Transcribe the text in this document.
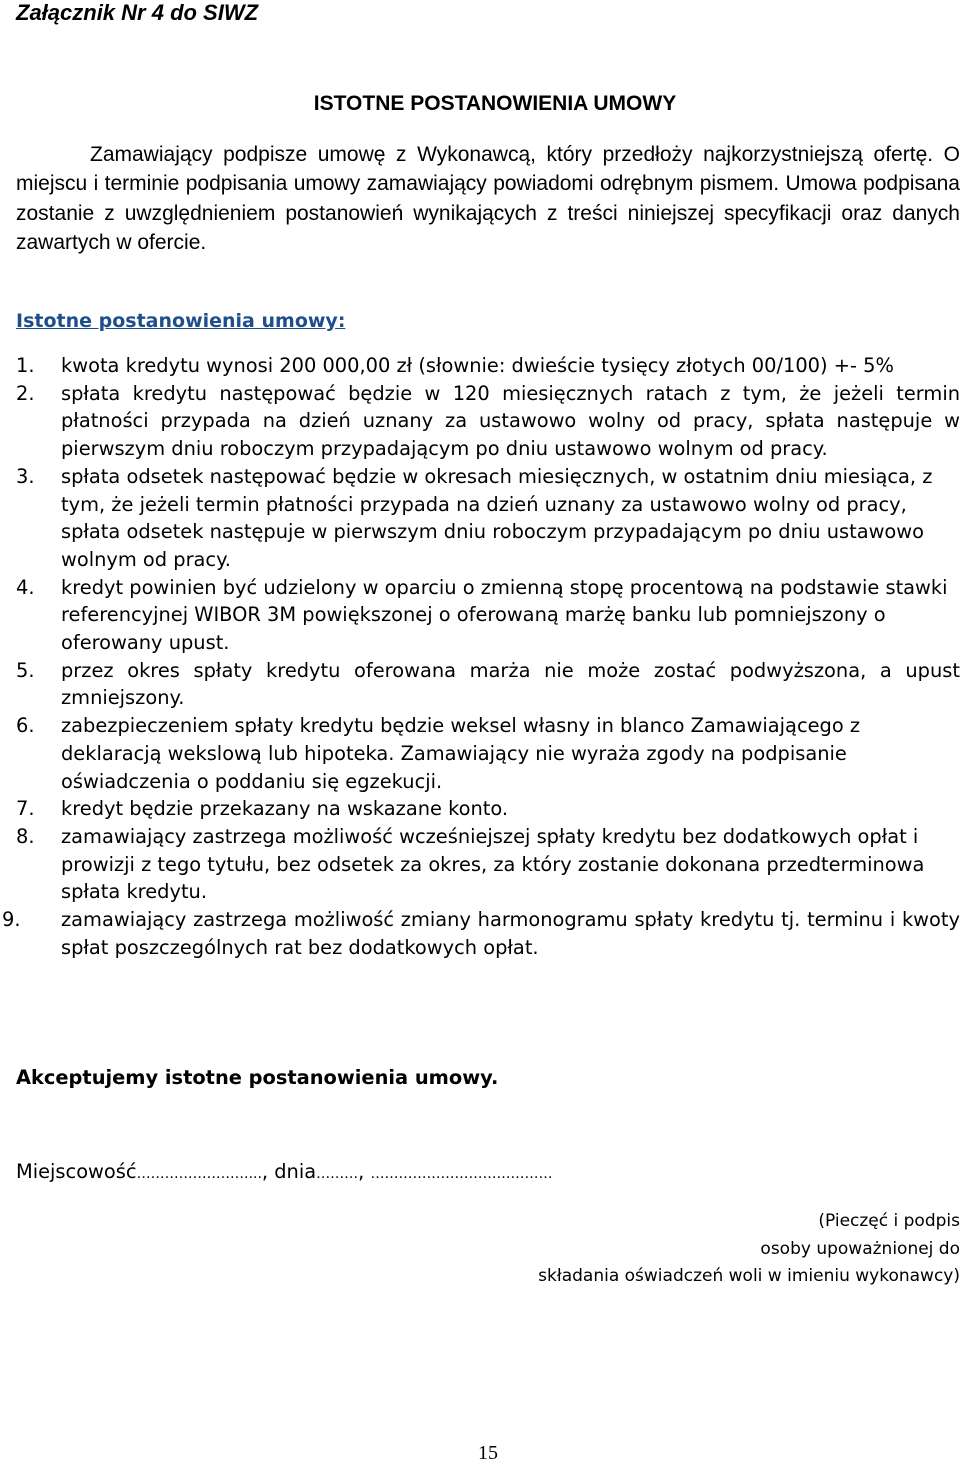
Załącznik Nr 4 do SIWZ
ISTOTNE POSTANOWIENIA UMOWY
Zamawiający podpisze umowę z Wykonawcą, który przedłoży najkorzystniejszą ofertę. O miejscu i terminie podpisania umowy zamawiający powiadomi odrębnym pismem. Umowa podpisana zostanie z uwzględnieniem postanowień wynikających z treści niniejszej specyfikacji oraz danych zawartych w ofercie.
Istotne postanowienia umowy:
1. kwota kredytu wynosi 200 000,00 zł (słownie: dwieście tysięcy złotych 00/100) +- 5%
2. spłata kredytu następować będzie w 120 miesięcznych ratach z tym, że jeżeli termin płatności przypada na dzień uznany za ustawowo wolny od pracy, spłata następuje w pierwszym dniu roboczym przypadającym po dniu ustawowo wolnym od pracy.
3. spłata odsetek następować będzie w okresach miesięcznych, w ostatnim dniu miesiąca, z tym, że jeżeli termin płatności przypada na dzień uznany za ustawowo wolny od pracy, spłata odsetek następuje w pierwszym dniu roboczym przypadającym po dniu ustawowo wolnym od pracy.
4. kredyt powinien być udzielony w oparciu o zmienną stopę procentową na podstawie stawki referencyjnej WIBOR 3M powiększonej o oferowaną marżę banku lub pomniejszony o oferowany upust.
5. przez okres spłaty kredytu oferowana marża nie może zostać podwyższona, a upust zmniejszony.
6. zabezpieczeniem spłaty kredytu będzie weksel własny in blanco Zamawiającego z deklaracją wekslową lub hipoteka. Zamawiający nie wyraża zgody na podpisanie oświadczenia o poddaniu się egzekucji.
7. kredyt będzie przekazany na wskazane konto.
8. zamawiający zastrzega możliwość wcześniejszej spłaty kredytu bez dodatkowych opłat i prowizji z tego tytułu, bez odsetek za okres, za który zostanie dokonana przedterminowa spłata kredytu.
9. zamawiający zastrzega możliwość zmiany harmonogramu spłaty kredytu tj. terminu i kwoty spłat poszczególnych rat bez dodatkowych opłat.
Akceptujemy istotne postanowienia umowy.
Miejscowość……………………..., dnia………, …………………………………
(Pieczęć i podpis
osoby upoważnionej do
składania oświadczeń woli w imieniu wykonawcy)
15
